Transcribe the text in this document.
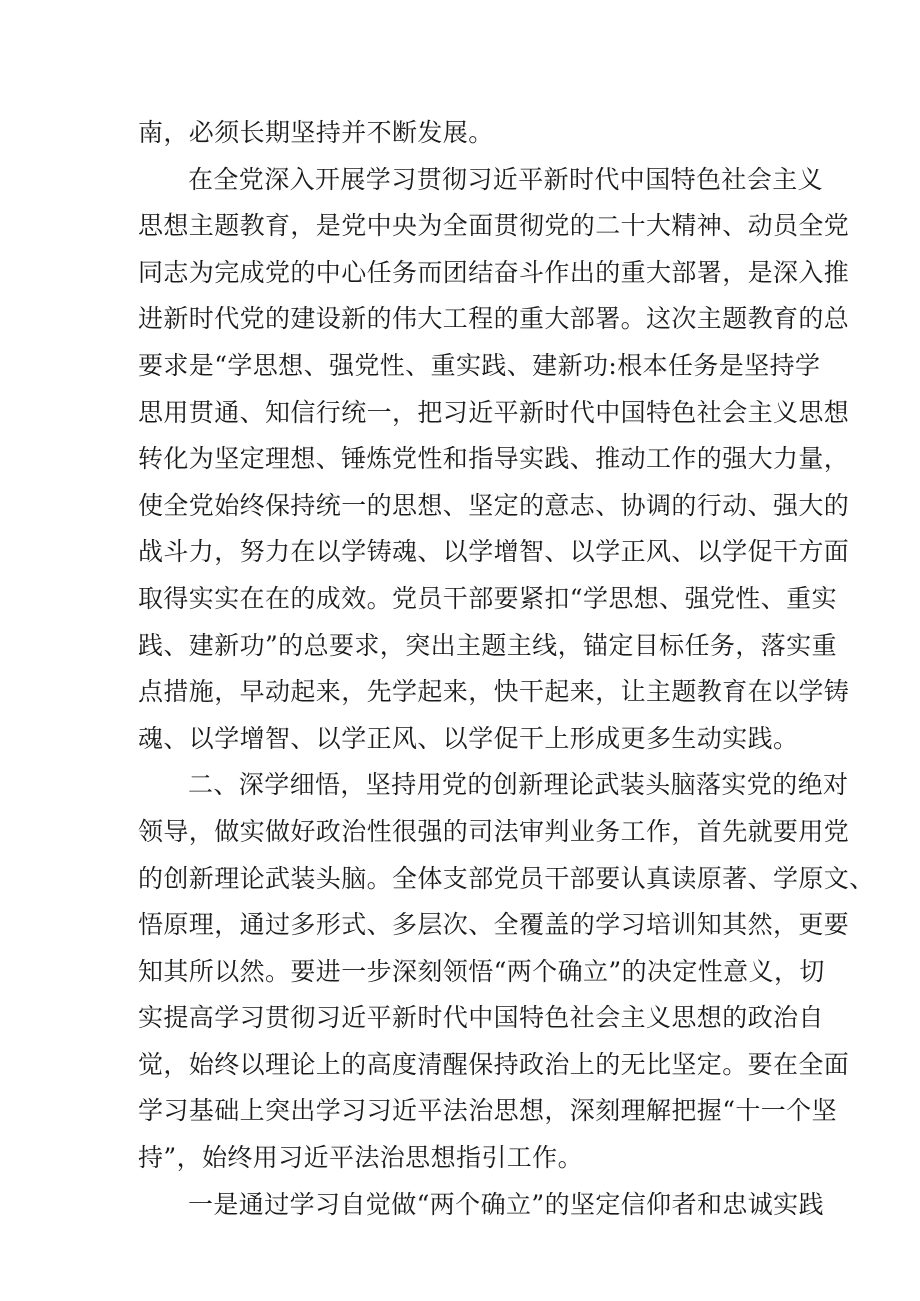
南，必须长期坚持并不断发展。
在全党深入开展学习贯彻习近平新时代中国特色社会主义
思想主题教育，是党中央为全面贯彻党的二十大精神、动员全党
同志为完成党的中心任务而团结奋斗作出的重大部署，是深入推
进新时代党的建设新的伟大工程的重大部署。这次主题教育的总
要求是“学思想、强党性、重实践、建新功:根本任务是坚持学
思用贯通、知信行统一，把习近平新时代中国特色社会主义思想
转化为坚定理想、锤炼党性和指导实践、推动工作的强大力量，
使全党始终保持统一的思想、坚定的意志、协调的行动、强大的
战斗力，努力在以学铸魂、以学增智、以学正风、以学促干方面
取得实实在在的成效。党员干部要紧扣“学思想、强党性、重实
践、建新功”的总要求，突出主题主线，锚定目标任务，落实重
点措施，早动起来，先学起来，快干起来，让主题教育在以学铸
魂、以学增智、以学正风、以学促干上形成更多生动实践。
二、深学细悟，坚持用党的创新理论武装头脑落实党的绝对
领导，做实做好政治性很强的司法审判业务工作，首先就要用党
的创新理论武装头脑。全体支部党员干部要认真读原著、学原文、
悟原理，通过多形式、多层次、全覆盖的学习培训知其然，更要
知其所以然。要进一步深刻领悟“两个确立”的决定性意义，切
实提高学习贯彻习近平新时代中国特色社会主义思想的政治自
觉，始终以理论上的高度清醒保持政治上的无比坚定。要在全面
学习基础上突出学习习近平法治思想，深刻理解把握“十一个坚
持”，始终用习近平法治思想指引工作。
一是通过学习自觉做“两个确立”的坚定信仰者和忠诚实践
